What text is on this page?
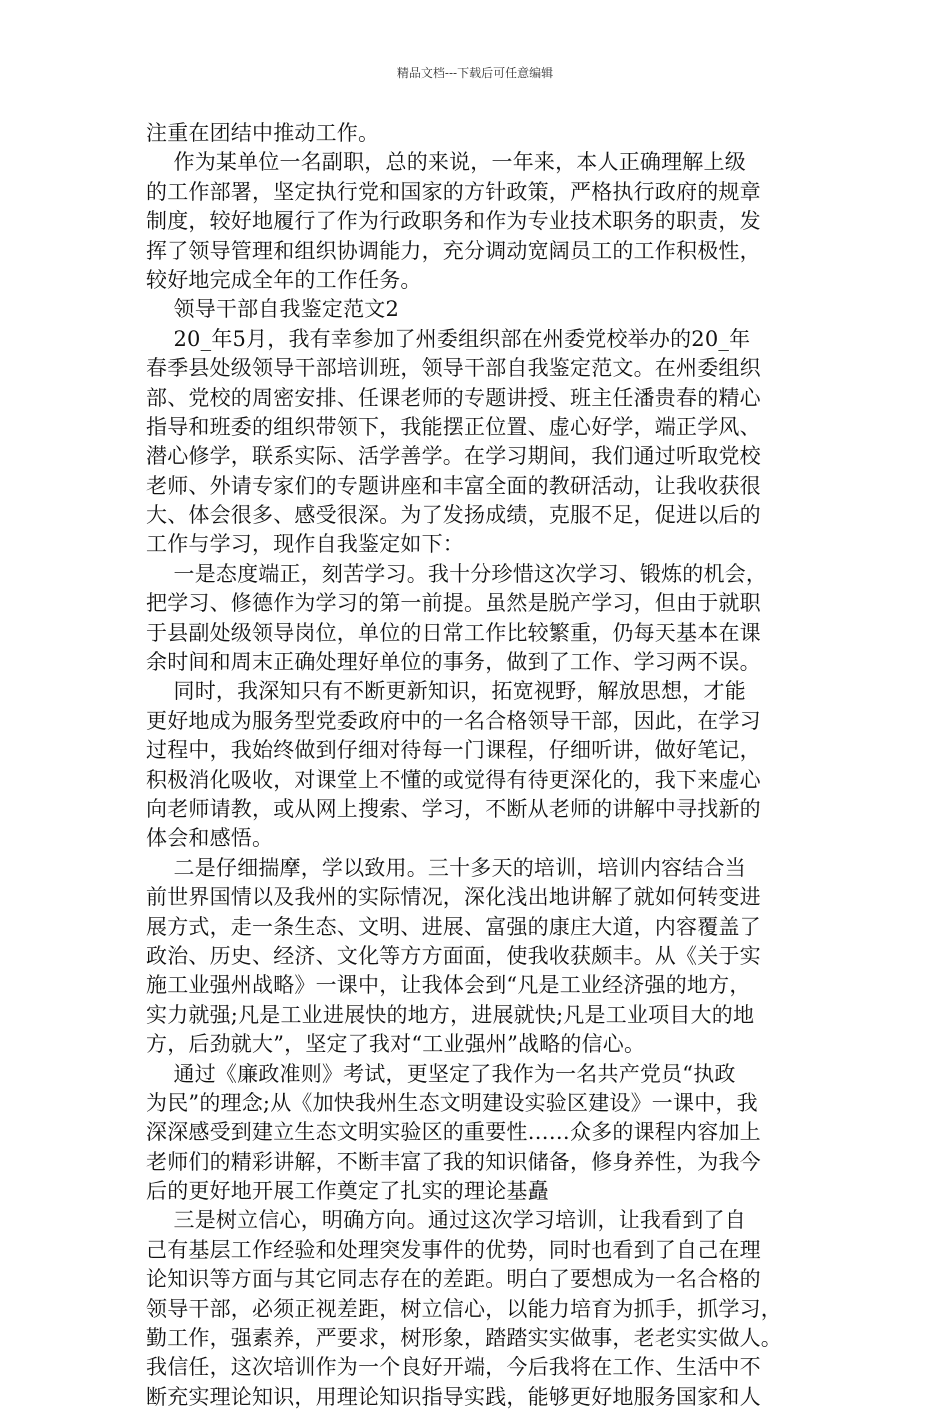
精品文档---下载后可任意编辑
注重在团结中推动工作。
作为某单位一名副职，总的来说，一年来，本人正确理解上级
的工作部署，坚定执行党和国家的方针政策，严格执行政府的规章
制度，较好地履行了作为行政职务和作为专业技术职务的职责，发
挥了领导管理和组织协调能力，充分调动宽阔员工的工作积极性，
较好地完成全年的工作任务。
领导干部自我鉴定范文2
20_年5月，我有幸参加了州委组织部在州委党校举办的20_年
春季县处级领导干部培训班，领导干部自我鉴定范文。在州委组织
部、党校的周密安排、任课老师的专题讲授、班主任潘贵春的精心
指导和班委的组织带领下，我能摆正位置、虚心好学，端正学风、
潜心修学，联系实际、活学善学。在学习期间，我们通过听取党校
老师、外请专家们的专题讲座和丰富全面的教研活动，让我收获很
大、体会很多、感受很深。为了发扬成绩，克服不足，促进以后的
工作与学习，现作自我鉴定如下：
一是态度端正，刻苦学习。我十分珍惜这次学习、锻炼的机会，
把学习、修德作为学习的第一前提。虽然是脱产学习，但由于就职
于县副处级领导岗位，单位的日常工作比较繁重，仍每天基本在课
余时间和周末正确处理好单位的事务，做到了工作、学习两不误。
同时，我深知只有不断更新知识，拓宽视野，解放思想，才能
更好地成为服务型党委政府中的一名合格领导干部，因此，在学习
过程中，我始终做到仔细对待每一门课程，仔细听讲，做好笔记，
积极消化吸收，对课堂上不懂的或觉得有待更深化的，我下来虚心
向老师请教，或从网上搜索、学习，不断从老师的讲解中寻找新的
体会和感悟。
二是仔细揣摩，学以致用。三十多天的培训，培训内容结合当
前世界国情以及我州的实际情况，深化浅出地讲解了就如何转变进
展方式，走一条生态、文明、进展、富强的康庄大道，内容覆盖了
政治、历史、经济、文化等方方面面，使我收获颇丰。从《关于实
施工业强州战略》一课中，让我体会到“凡是工业经济强的地方，
实力就强;凡是工业进展快的地方，进展就快;凡是工业项目大的地
方，后劲就大”，坚定了我对“工业强州”战略的信心。
通过《廉政准则》考试，更坚定了我作为一名共产党员“执政
为民”的理念;从《加快我州生态文明建设实验区建设》一课中，我
深深感受到建立生态文明实验区的重要性……众多的课程内容加上
老师们的精彩讲解，不断丰富了我的知识储备，修身养性，为我今
后的更好地开展工作奠定了扎实的理论基矗
三是树立信心，明确方向。通过这次学习培训，让我看到了自
己有基层工作经验和处理突发事件的优势，同时也看到了自己在理
论知识等方面与其它同志存在的差距。明白了要想成为一名合格的
领导干部，必须正视差距，树立信心，以能力培育为抓手，抓学习，
勤工作，强素养，严要求，树形象，踏踏实实做事，老老实实做人。
我信任，这次培训作为一个良好开端，今后我将在工作、生活中不
断充实理论知识，用理论知识指导实践，能够更好地服务国家和人
